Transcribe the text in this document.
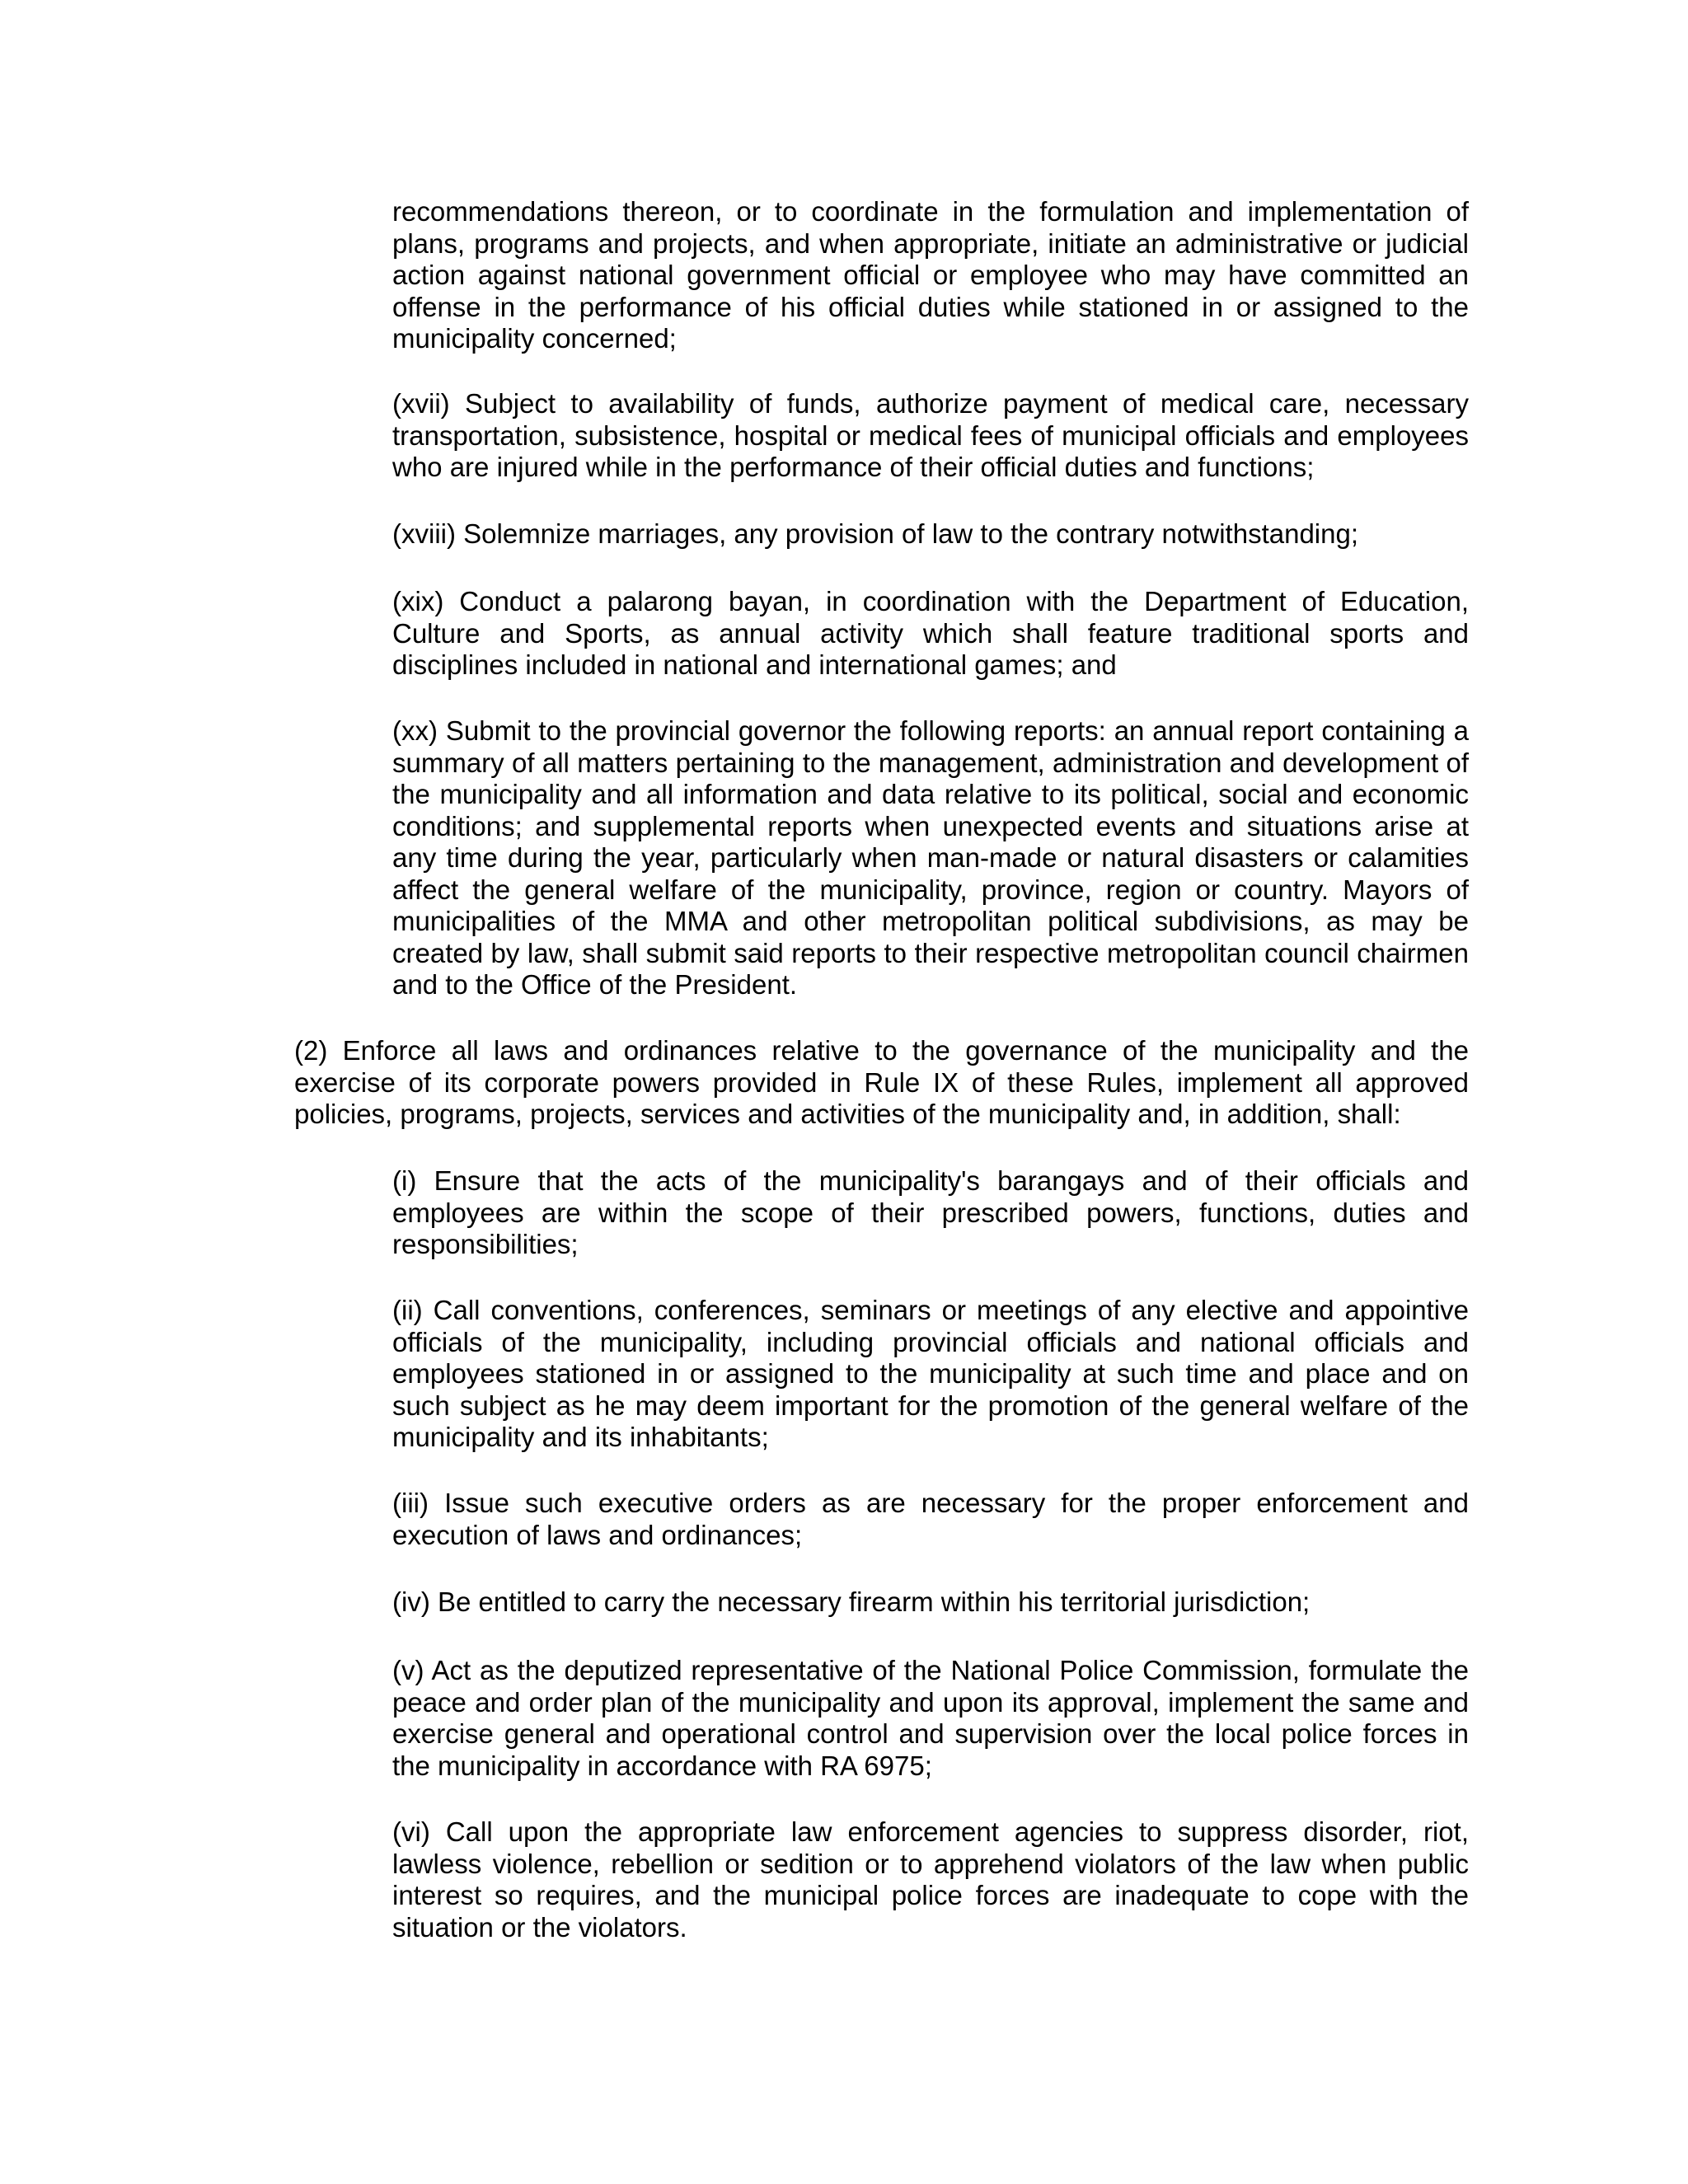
recommendations thereon, or to coordinate in the formulation and implementation of plans, programs and projects, and when appropriate, initiate an administrative or judicial action against national government official or employee who may have committed an offense in the performance of his official duties while stationed in or assigned to the municipality concerned;

(xvii) Subject to availability of funds, authorize payment of medical care, necessary transportation, subsistence, hospital or medical fees of municipal officials and employees who are injured while in the performance of their official duties and functions;

(xviii) Solemnize marriages, any provision of law to the contrary notwithstanding;

(xix) Conduct a palarong bayan, in coordination with the Department of Education, Culture and Sports, as annual activity which shall feature traditional sports and disciplines included in national and international games; and

(xx) Submit to the provincial governor the following reports: an annual report containing a summary of all matters pertaining to the management, administration and development of the municipality and all information and data relative to its political, social and economic conditions; and supplemental reports when unexpected events and situations arise at any time during the year, particularly when man-made or natural disasters or calamities affect the general welfare of the municipality, province, region or country. Mayors of municipalities of the MMA and other metropolitan political subdivisions, as may be created by law, shall submit said reports to their respective metropolitan council chairmen and to the Office of the President.

(2) Enforce all laws and ordinances relative to the governance of the municipality and the exercise of its corporate powers provided in Rule IX of these Rules, implement all approved policies, programs, projects, services and activities of the municipality and, in addition, shall:

(i) Ensure that the acts of the municipality's barangays and of their officials and employees are within the scope of their prescribed powers, functions, duties and responsibilities;

(ii) Call conventions, conferences, seminars or meetings of any elective and appointive officials of the municipality, including provincial officials and national officials and employees stationed in or assigned to the municipality at such time and place and on such subject as he may deem important for the promotion of the general welfare of the municipality and its inhabitants;

(iii) Issue such executive orders as are necessary for the proper enforcement and execution of laws and ordinances;

(iv) Be entitled to carry the necessary firearm within his territorial jurisdiction;

(v) Act as the deputized representative of the National Police Commission, formulate the peace and order plan of the municipality and upon its approval, implement the same and exercise general and operational control and supervision over the local police forces in the municipality in accordance with RA 6975;

(vi) Call upon the appropriate law enforcement agencies to suppress disorder, riot, lawless violence, rebellion or sedition or to apprehend violators of the law when public interest so requires, and the municipal police forces are inadequate to cope with the situation or the violators.
